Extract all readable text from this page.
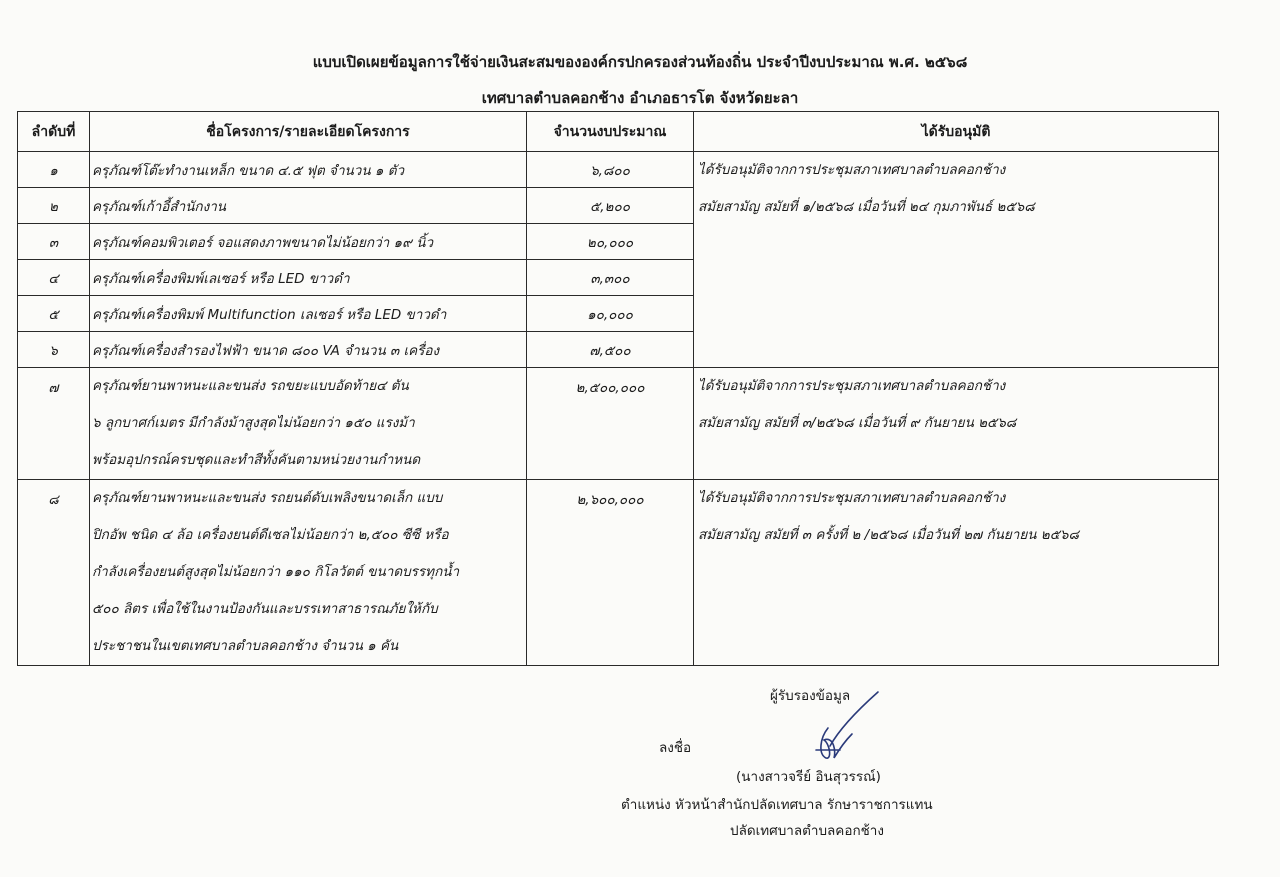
แบบเปิดเผยข้อมูลการใช้จ่ายเงินสะสมขององค์กรปกครองส่วนท้องถิ่น ประจำปีงบประมาณ พ.ศ. ๒๕๖๘
เทศบาลตำบลคอกช้าง อำเภอธารโต จังหวัดยะลา
ลำดับที่	ชื่อโครงการ/รายละเอียดโครงการ	จำนวนงบประมาณ	ได้รับอนุมัติ
๑	ครุภัณฑ์โต๊ะทำงานเหล็ก ขนาด ๔.๕ ฟุต จำนวน ๑ ตัว	๖,๘๐๐	ได้รับอนุมัติจากการประชุมสภาเทศบาลตำบลคอกช้าง
สมัยสามัญ สมัยที่ ๑/๒๕๖๘ เมื่อวันที่ ๒๔ กุมภาพันธ์ ๒๕๖๘

๒	ครุภัณฑ์เก้าอี้สำนักงาน	๕,๒๐๐	
๓	ครุภัณฑ์คอมพิวเตอร์ จอแสดงภาพขนาดไม่น้อยกว่า ๑๙ นิ้ว	๒๐,๐๐๐	
๔	ครุภัณฑ์เครื่องพิมพ์เลเซอร์ หรือ LED ขาวดำ	๓,๓๐๐	
๕	ครุภัณฑ์เครื่องพิมพ์ Multifunction เลเซอร์ หรือ LED ขาวดำ	๑๐,๐๐๐	
๖	ครุภัณฑ์เครื่องสำรองไฟฟ้า ขนาด ๘๐๐ VA จำนวน ๓ เครื่อง	๗,๕๐๐	
๗	ครุภัณฑ์ยานพาหนะและขนส่ง รถขยะแบบอัดท้าย๔ ตัน
๖ ลูกบาศก์เมตร มีกำลังม้าสูงสุดไม่น้อยกว่า ๑๕๐ แรงม้า
พร้อมอุปกรณ์ครบชุดและทำสีทั้งคันตามหน่วยงานกำหนด	๒,๕๐๐,๐๐๐	ได้รับอนุมัติจากการประชุมสภาเทศบาลตำบลคอกช้าง
สมัยสามัญ สมัยที่ ๓/๒๕๖๘ เมื่อวันที่ ๙ กันยายน ๒๕๖๘

๘	ครุภัณฑ์ยานพาหนะและขนส่ง รถยนต์ดับเพลิงขนาดเล็ก แบบ
ปิกอัพ ชนิด ๔ ล้อ เครื่องยนต์ดีเซลไม่น้อยกว่า ๒,๕๐๐ ซีซี หรือ
กำลังเครื่องยนต์สูงสุดไม่น้อยกว่า ๑๑๐ กิโลวัตต์ ขนาดบรรทุกน้ำ
๕๐๐ ลิตร เพื่อใช้ในงานป้องกันและบรรเทาสาธารณภัยให้กับ
ประชาชนในเขตเทศบาลตำบลคอกช้าง จำนวน ๑ คัน	๒,๖๐๐,๐๐๐	ได้รับอนุมัติจากการประชุมสภาเทศบาลตำบลคอกช้าง
สมัยสามัญ สมัยที่ ๓ ครั้งที่ ๒ /๒๕๖๘ เมื่อวันที่ ๒๗ กันยายน ๒๕๖๘
ผู้รับรองข้อมูล
ลงชื่อ
(นางสาวจรีย์ อินสุวรรณ์)
ตำแหน่ง หัวหน้าสำนักปลัดเทศบาล รักษาราชการแทน
ปลัดเทศบาลตำบลคอกช้าง
